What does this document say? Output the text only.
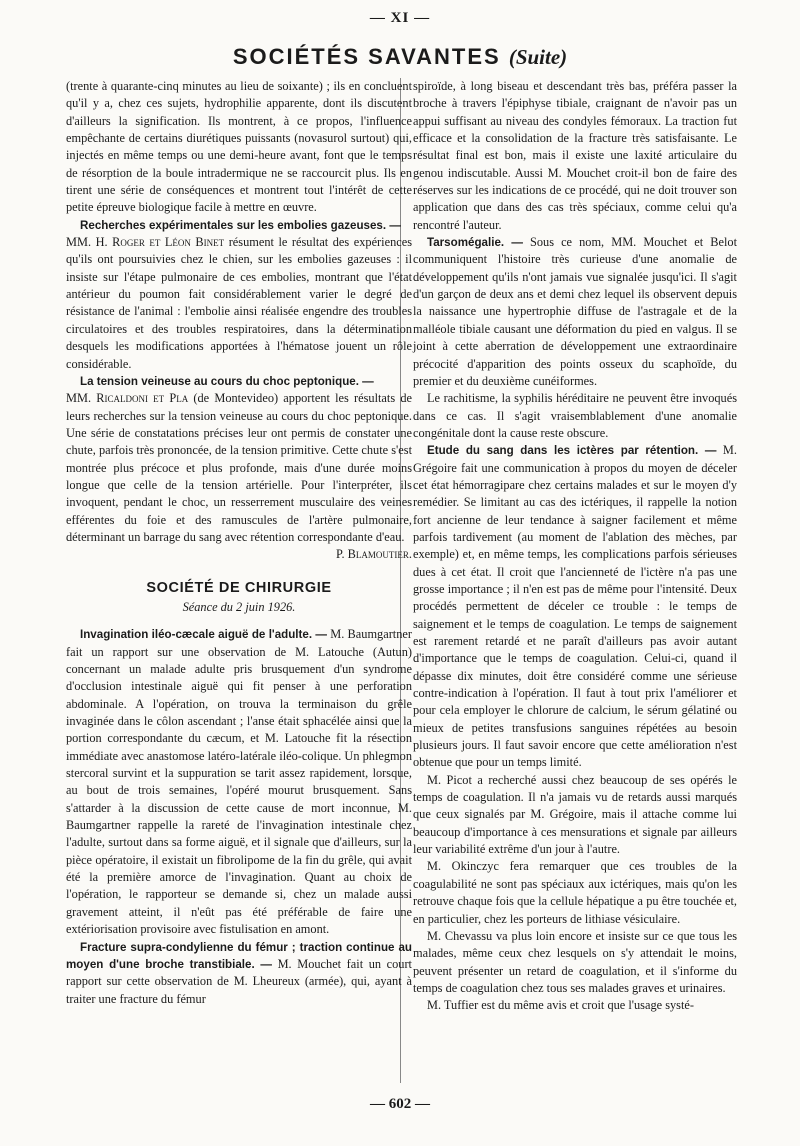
— XI —
SOCIÉTÉS SAVANTES (Suite)

(trente à quarante-cinq minutes au lieu de soixante) ; ils en concluent qu'il y a, chez ces sujets, hydrophilie apparente, dont ils discutent d'ailleurs la signification. Ils montrent, à ce propos, l'influence empêchante de certains diurétiques puissants (novasurol surtout) qui, injectés en même temps ou une demi-heure avant, font que le temps de résorption de la boule intradermique ne se raccourcit plus. Ils en tirent une série de conséquences et montrent tout l'intérêt de cette petite épreuve biologique facile à mettre en œuvre.

Recherches expérimentales sur les embolies gazeuses. —
MM. H. Roger et Léon Binet résument le résultat des expériences qu'ils ont poursuivies chez le chien, sur les embolies gazeuses : il insiste sur l'étape pulmonaire de ces embolies, montrant que l'état antérieur du poumon fait considérablement varier le degré de résistance de l'animal : l'embolie ainsi réalisée engendre des troubles circulatoires et des troubles respiratoires, dans la détermination desquels les modifications apportées à l'hématose jouent un rôle considérable.

La tension veineuse au cours du choc peptonique. —
MM. Ricaldoni et Pla (de Montevideo) apportent les résultats de leurs recherches sur la tension veineuse au cours du choc peptonique. Une série de constatations précises leur ont permis de constater une chute, parfois très prononcée, de la tension primitive. Cette chute s'est montrée plus précoce et plus profonde, mais d'une durée moins longue que celle de la tension artérielle. Pour l'interpréter, ils invoquent, pendant le choc, un resserrement musculaire des veines efférentes du foie et des ramuscules de l'artère pulmonaire, déterminant un barrage du sang avec rétention correspondante d'eau.

P. Blamoutier.

SOCIÉTÉ DE CHIRURGIE
Séance du 2 juin 1926.

Invagination iléo-cæcale aiguë de l'adulte. — M. Baumgartner fait un rapport sur une observation de M. Latouche (Autun) concernant un malade adulte pris brusquement d'un syndrome d'occlusion intestinale aiguë qui fit penser à une perforation abdominale. A l'opération, on trouva la terminaison du grêle invaginée dans le côlon ascendant ; l'anse était sphacélée ainsi que la portion correspondante du cæcum, et M. Latouche fit la résection immédiate avec anastomose latéro-latérale iléo-colique. Un phlegmon stercoral survint et la suppuration se tarit assez rapidement, lorsque, au bout de trois semaines, l'opéré mourut brusquement. Sans s'attarder à la discussion de cette cause de mort inconnue, M. Baumgartner rappelle la rareté de l'invagination intestinale chez l'adulte, surtout dans sa forme aiguë, et il signale que d'ailleurs, sur la pièce opératoire, il existait un fibrolipome de la fin du grêle, qui avait été la première amorce de l'invagination. Quant au choix de l'opération, le rapporteur se demande si, chez un malade aussi gravement atteint, il n'eût pas été préférable de faire une extériorisation provisoire avec fistulisation en amont.

Fracture supra-condylienne du fémur ; traction continue au moyen d'une broche transtibiale. — M. Mouchet fait un court rapport sur cette observation de M. Lheureux (armée), qui, ayant à traiter une fracture du fémur

spiroïde, à long biseau et descendant très bas, préféra passer la broche à travers l'épiphyse tibiale, craignant de n'avoir pas un appui suffisant au niveau des condyles fémoraux. La traction fut efficace et la consolidation de la fracture très satisfaisante. Le résultat final est bon, mais il existe une laxité articulaire du genou indiscutable. Aussi M. Mouchet croit-il bon de faire des réserves sur les indications de ce procédé, qui ne doit trouver son application que dans des cas très spéciaux, comme celui qu'a rencontré l'auteur.

Tarsomégalie. — Sous ce nom, MM. Mouchet et Belot communiquent l'histoire très curieuse d'une anomalie de développement qu'ils n'ont jamais vue signalée jusqu'ici. Il s'agit d'un garçon de deux ans et demi chez lequel ils observent depuis la naissance une hypertrophie diffuse de l'astragale et de la malléole tibiale causant une déformation du pied en valgus. Il se joint à cette aberration de développement une extraordinaire précocité d'apparition des points osseux du scaphoïde, du premier et du deuxième cunéiformes.

Le rachitisme, la syphilis héréditaire ne peuvent être invoqués dans ce cas. Il s'agit vraisemblablement d'une anomalie congénitale dont la cause reste obscure.

Etude du sang dans les ictères par rétention. — M. Grégoire fait une communication à propos du moyen de déceler cet état hémorragipare chez certains malades et sur le moyen d'y remédier. Se limitant au cas des ictériques, il rappelle la notion fort ancienne de leur tendance à saigner facilement et même parfois tardivement (au moment de l'ablation des mèches, par exemple) et, en même temps, les complications parfois sérieuses dues à cet état. Il croit que l'ancienneté de l'ictère n'a pas une grosse importance ; il n'en est pas de même pour l'intensité. Deux procédés permettent de déceler ce trouble : le temps de saignement et le temps de coagulation. Le temps de saignement est rarement retardé et ne paraît d'ailleurs pas avoir autant d'importance que le temps de coagulation. Celui-ci, quand il dépasse dix minutes, doit être considéré comme une sérieuse contre-indication à l'opération. Il faut à tout prix l'améliorer et pour cela employer le chlorure de calcium, le sérum gélatiné ou mieux de petites transfusions sanguines répétées au besoin plusieurs jours. Il faut savoir encore que cette amélioration n'est obtenue que pour un temps limité.

M. Picot a recherché aussi chez beaucoup de ses opérés le temps de coagulation. Il n'a jamais vu de retards aussi marqués que ceux signalés par M. Grégoire, mais il attache comme lui beaucoup d'importance à ces mensurations et signale par ailleurs leur variabilité extrême d'un jour à l'autre.

M. Okinczyc fera remarquer que ces troubles de la coagulabilité ne sont pas spéciaux aux ictériques, mais qu'on les retrouve chaque fois que la cellule hépatique a pu être touchée et, en particulier, chez les porteurs de lithiase vésiculaire.

M. Chevassu va plus loin encore et insiste sur ce que tous les malades, même ceux chez lesquels on s'y attendait le moins, peuvent présenter un retard de coagulation, et il s'informe du temps de coagulation chez tous ses malades graves et urinaires.

M. Tuffier est du même avis et croit que l'usage systé-

— 602 —
